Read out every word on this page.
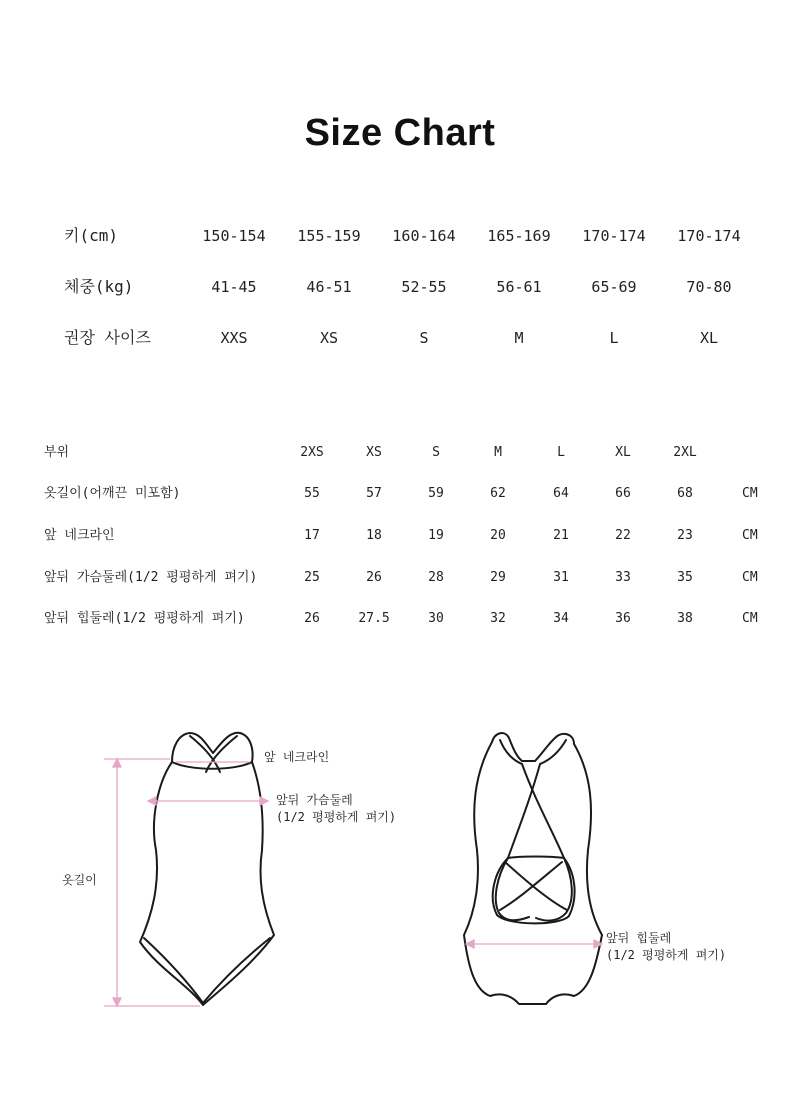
Size Chart
키(cm)	150-154	155-159	160-164	165-169	170-174	170-174
체중(kg)	41-45	46-51	52-55	56-61	65-69	70-80
권장 사이즈	XXS	XS	S	M	L	XL
부위	2XS	XS	S	M	L	XL	2XL
옷길이(어깨끈 미포함)	55	57	59	62	64	66	68	CM
앞 네크라인	17	18	19	20	21	22	23	CM
앞뒤 가슴둘레(1/2 평평하게 펴기)	25	26	28	29	31	33	35	CM
앞뒤 힙둘레(1/2 평평하게 펴기)	26	27.5	30	32	34	36	38	CM
앞 네크라인
앞뒤 가슴둘레
(1/2 평평하게 펴기)
옷길이
앞뒤 힙둘레
(1/2 평평하게 펴기)
